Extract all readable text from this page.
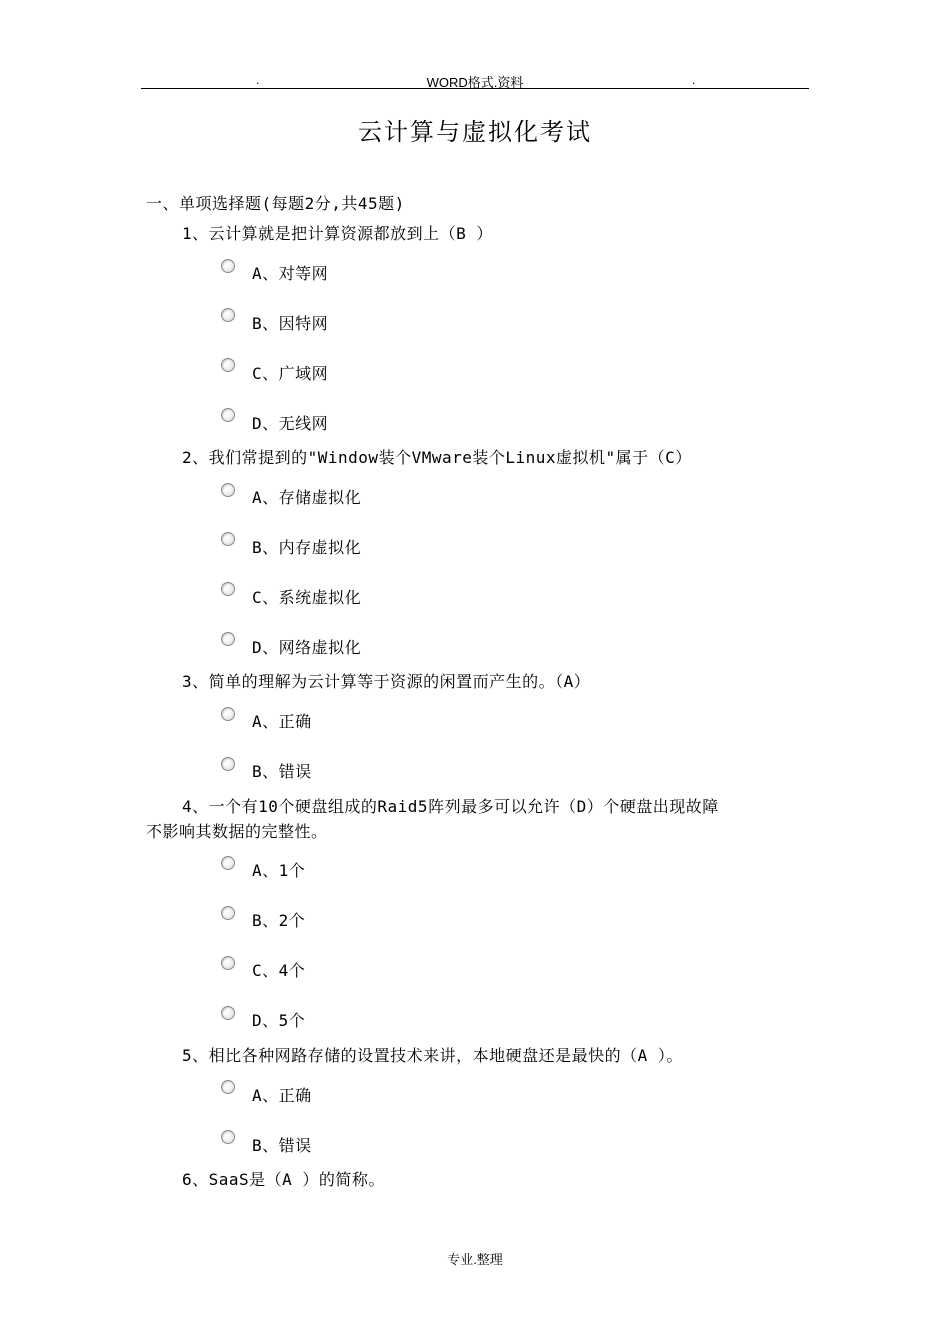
.	WORD格式.资料	.
云计算与虚拟化考试
一、单项选择题(每题2分,共45题)
1、云计算就是把计算资源都放到上（B ）
A、对等网
B、因特网
C、广域网
D、无线网
2、我们常提到的"Window装个VMware装个Linux虚拟机"属于（C）
A、存储虚拟化
B、内存虚拟化
C、系统虚拟化
D、网络虚拟化
3、简单的理解为云计算等于资源的闲置而产生的。（A）
A、正确
B、错误
4、一个有10个硬盘组成的Raid5阵列最多可以允许（D）个硬盘出现故障
不影响其数据的完整性。
A、1个
B、2个
C、4个
D、5个
5、相比各种网路存储的设置技术来讲，本地硬盘还是最快的（A ）。
A、正确
B、错误
6、SaaS是（A ）的简称。
专业.整理
